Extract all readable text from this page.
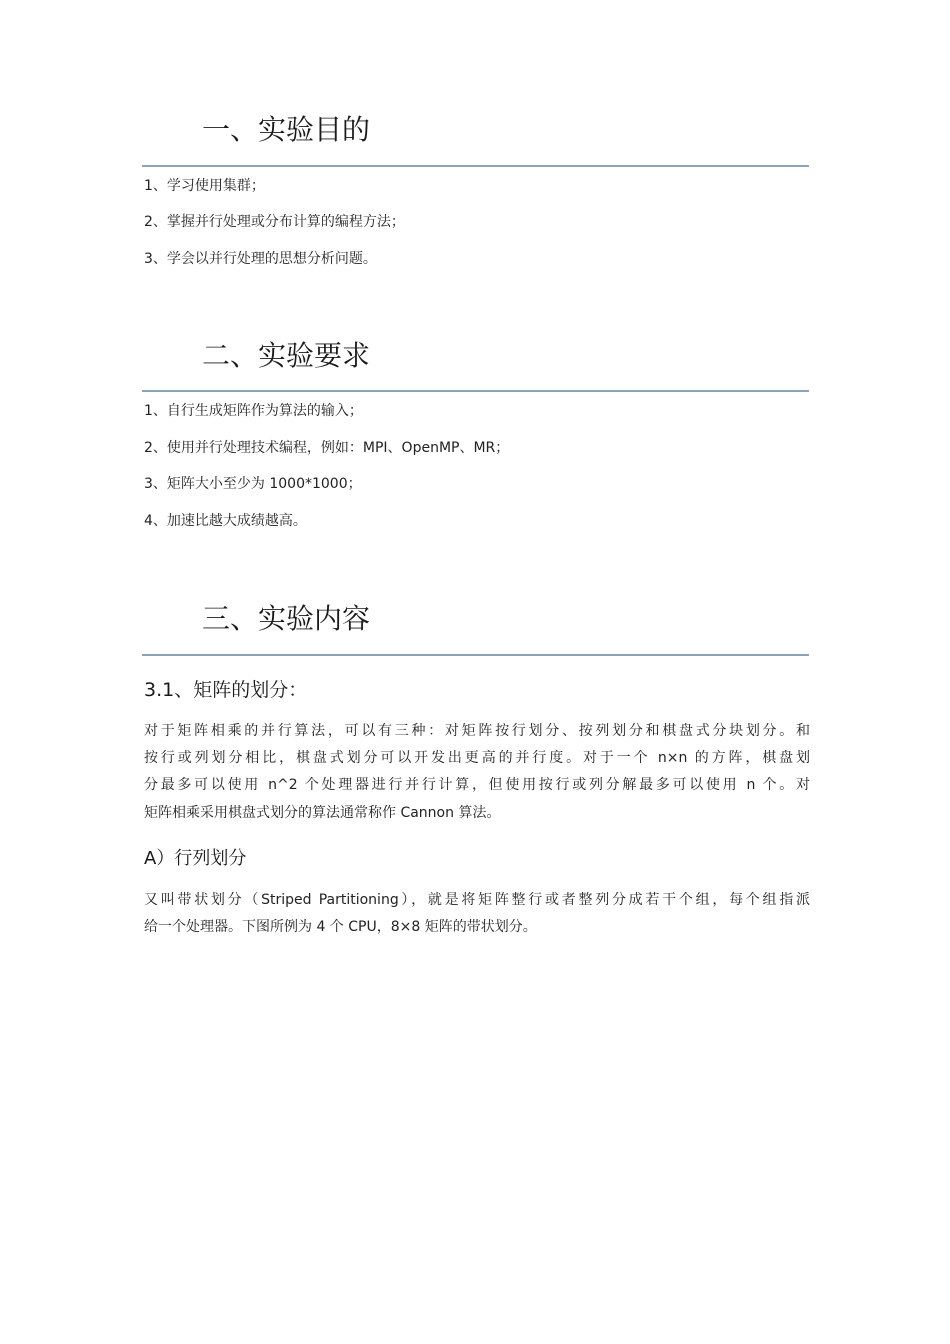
一、实验目的
1、学习使用集群；
2、掌握并行处理或分布计算的编程方法；
3、学会以并行处理的思想分析问题。
二、实验要求
1、自行生成矩阵作为算法的输入；
2、使用并行处理技术编程，例如：MPI、OpenMP、MR；
3、矩阵大小至少为 1000*1000；
4、加速比越大成绩越高。
三、实验内容
3.1、矩阵的划分：
对于矩阵相乘的并行算法，可以有三种：对矩阵按行划分、按列划分和棋盘式分块划分。和
按行或列划分相比，棋盘式划分可以开发出更高的并行度。对于一个 n×n 的方阵，棋盘划
分最多可以使用 n^2 个处理器进行并行计算，但使用按行或列分解最多可以使用 n 个。对
矩阵相乘采用棋盘式划分的算法通常称作 Cannon 算法。
A）行列划分
又叫带状划分（Striped Partitioning），就是将矩阵整行或者整列分成若干个组，每个组指派
给一个处理器。下图所例为 4 个 CPU，8×8 矩阵的带状划分。
